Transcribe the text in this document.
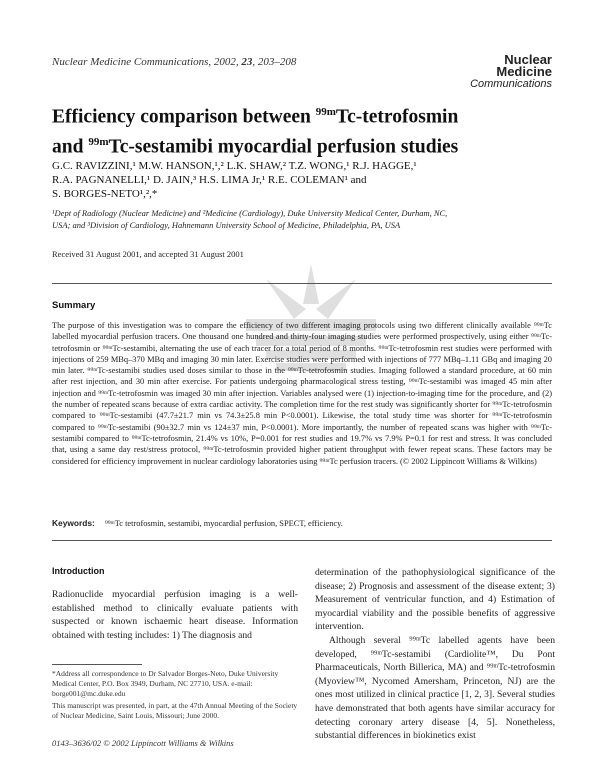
Nuclear Medicine Communications, 2002, 23, 203–208	Nuclear
Medicine
Communications
Efficiency comparison between $^{99m}$Tc-tetrofosmin
and $^{99m}$Tc-sestamibi myocardial perfusion studies
G.C. RAVIZZINI,¹ M.W. HANSON,¹,² L.K. SHAW,² T.Z. WONG,¹ R.J. HAGGE,¹
R.A. PAGNANELLI,¹ D. JAIN,³ H.S. LIMA Jr,¹ R.E. COLEMAN¹ and
S. BORGES-NETO¹,²,*
¹Dept of Radiology (Nuclear Medicine) and ²Medicine (Cardiology), Duke University Medical Center, Durham, NC,
USA; and ³Division of Cardiology, Hahnemann University School of Medicine, Philadelphia, PA, USA
Received 31 August 2001, and accepted 31 August 2001
Summary
The purpose of this investigation was to compare the efficiency of two different imaging protocols using two different clinically available ⁹⁹ᵐTc labelled myocardial perfusion tracers. One thousand one hundred and thirty-four imaging studies were performed prospectively, using either ⁹⁹ᵐTc-tetrofosmin or ⁹⁹ᵐTc-sestamibi, alternating the use of each tracer for a total period of 8 months. ⁹⁹ᵐTc-tetrofosmin rest studies were performed with injections of 259 MBq–370 MBq and imaging 30 min later. Exercise studies were performed with injections of 777 MBq–1.11 GBq and imaging 20 min later. ⁹⁹ᵐTc-sestamibi studies used doses similar to those in the ⁹⁹ᵐTc-tetrofosmin studies. Imaging followed a standard procedure, at 60 min after rest injection, and 30 min after exercise. For patients undergoing pharmacological stress testing, ⁹⁹ᵐTc-sestamibi was imaged 45 min after injection and ⁹⁹ᵐTc-tetrofosmin was imaged 30 min after injection. Variables analysed were (1) injection-to-imaging time for the procedure, and (2) the number of repeated scans because of extra cardiac activity. The completion time for the rest study was significantly shorter for ⁹⁹ᵐTc-tetrofosmin compared to ⁹⁹ᵐTc-sestamibi (47.7±21.7 min vs 74.3±25.8 min P<0.0001). Likewise, the total study time was shorter for ⁹⁹ᵐTc-tetrofosmin compared to ⁹⁹ᵐTc-sestamibi (90±32.7 min vs 124±37 min, P<0.0001). More importantly, the number of repeated scans was higher with ⁹⁹ᵐTc-sestamibi compared to ⁹⁹ᵐTc-tetrofosmin, 21.4% vs 10%, P=0.001 for rest studies and 19.7% vs 7.9% P=0.1 for rest and stress. It was concluded that, using a same day rest/stress protocol, ⁹⁹ᵐTc-tetrofosmin provided higher patient throughput with fewer repeat scans. These factors may be considered for efficiency improvement in nuclear cardiology laboratories using ⁹⁹ᵐTc perfusion tracers. (© 2002 Lippincott Williams & Wilkins)
Keywords: ⁹⁹ᵐTc tetrofosmin, sestamibi, myocardial perfusion, SPECT, efficiency.
Introduction
Radionuclide myocardial perfusion imaging is a well-established method to clinically evaluate patients with suspected or known ischaemic heart disease. Information obtained with testing includes: 1) The diagnosis and
determination of the pathophysiological significance of the disease; 2) Prognosis and assessment of the disease extent; 3) Measurement of ventricular function, and 4) Estimation of myocardial viability and the possible benefits of aggressive intervention.
Although several ⁹⁹ᵐTc labelled agents have been developed, ⁹⁹ᵐTc-sestamibi (Cardiolite™, Du Pont Pharmaceuticals, North Billerica, MA) and ⁹⁹ᵐTc-tetrofosmin (Myoview™, Nycomed Amersham, Princeton, NJ) are the ones most utilized in clinical practice [1, 2, 3]. Several studies have demonstrated that both agents have similar accuracy for detecting coronary artery disease [4, 5]. Nonetheless, substantial differences in biokinetics exist
*Address all correspondence to Dr Salvador Borges-Neto, Duke University Medical Center, P.O. Box 3949, Durham, NC 27710, USA. e-mail: borge001@mc.duke.edu
This manuscript was presented, in part, at the 47th Annual Meeting of the Society of Nuclear Medicine, Saint Louis, Missouri; June 2000.
0143–3636/02 © 2002 Lippincott Williams & Wilkins
